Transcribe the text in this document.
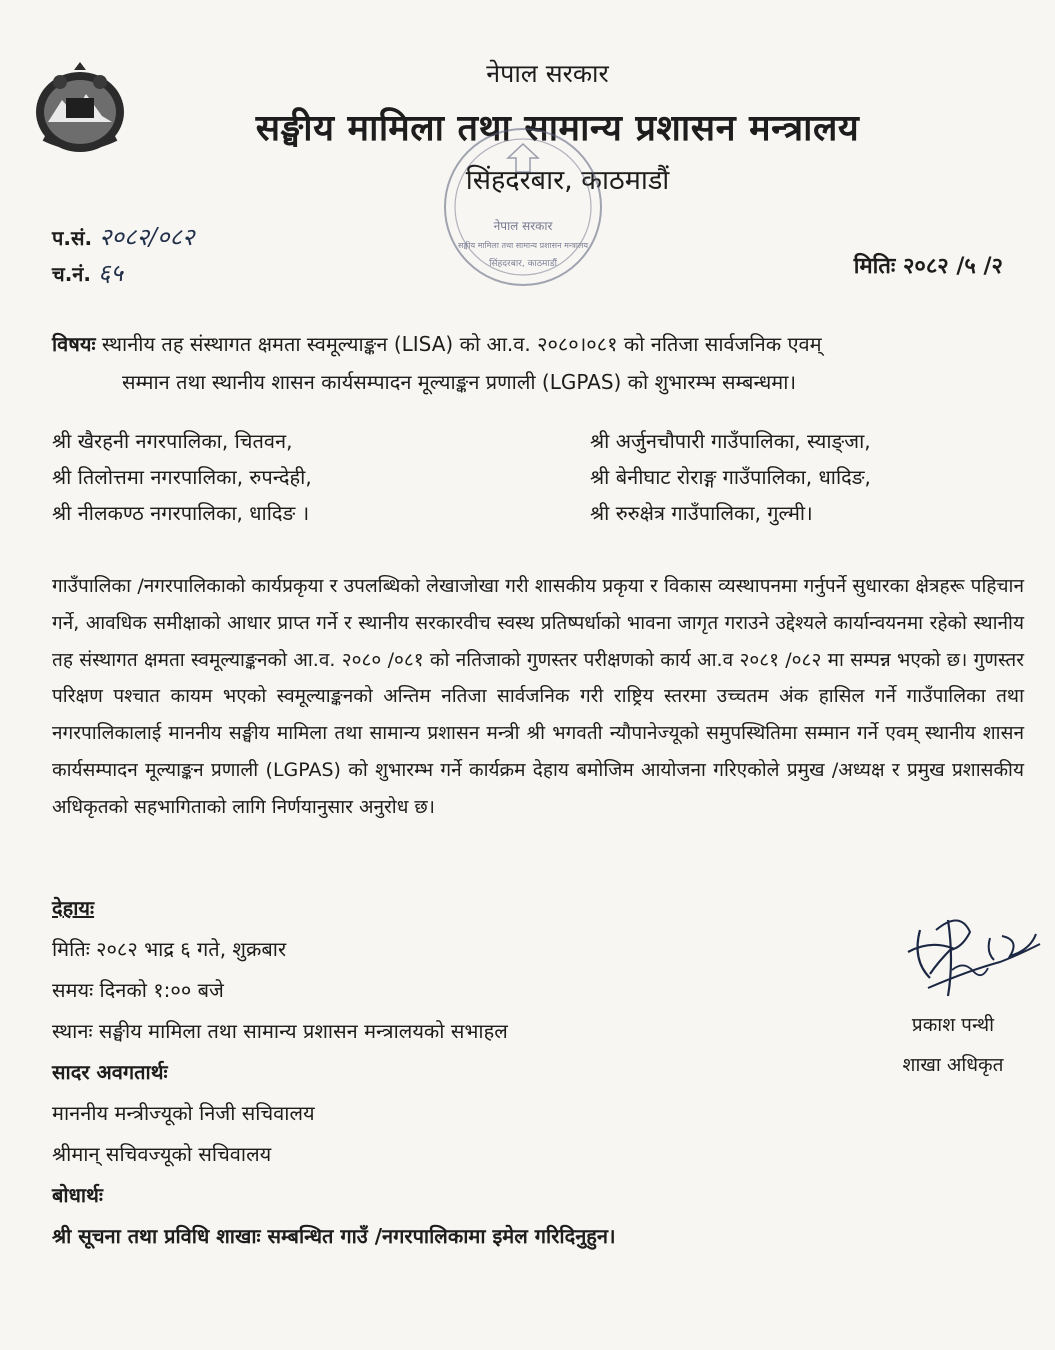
नेपाल सरकार
सङ्घीय मामिला तथा सामान्य प्रशासन मन्त्रालय
सिंहदरबार, काठमाडौं
नेपाल सरकार
सङ्घीय मामिला तथा सामान्य प्रशासन मन्त्रालय
सिंहदरबार, काठमाडौं
प.सं. २०८२/०८२
च.नं. ६५	मितिः २०८२ /५ /२
विषयः स्थानीय तह संस्थागत क्षमता स्वमूल्याङ्कन (LISA) को आ.व. २०८०।०८१ को नतिजा सार्वजनिक एवम्
सम्मान तथा स्थानीय शासन कार्यसम्पादन मूल्याङ्कन प्रणाली (LGPAS) को शुभारम्भ सम्बन्धमा।
श्री खैरहनी नगरपालिका, चितवन,	श्री अर्जुनचौपारी गाउँपालिका, स्याङ्जा,
श्री तिलोत्तमा नगरपालिका, रुपन्देही,	श्री बेनीघाट रोराङ्ग गाउँपालिका, धादिङ,
श्री नीलकण्ठ नगरपालिका, धादिङ ।	श्री रुरुक्षेत्र गाउँपालिका, गुल्मी।
गाउँपालिका /नगरपालिकाको कार्यप्रकृया र उपलब्धिको लेखाजोखा गरी शासकीय प्रकृया र विकास व्यस्थापनमा गर्नुपर्ने सुधारका क्षेत्रहरू पहिचान गर्ने, आवधिक समीक्षाको आधार प्राप्त गर्ने र स्थानीय सरकारवीच स्वस्थ प्रतिष्पर्धाको भावना जागृत गराउने उद्देश्यले कार्यान्वयनमा रहेको स्थानीय तह संस्थागत क्षमता स्वमूल्याङ्कनको आ.व. २०८० /०८१ को नतिजाको गुणस्तर परीक्षणको कार्य आ.व २०८१ /०८२ मा सम्पन्न भएको छ। गुणस्तर परिक्षण पश्चात कायम भएको स्वमूल्याङ्कनको अन्तिम नतिजा सार्वजनिक गरी राष्ट्रिय स्तरमा उच्चतम अंक हासिल गर्ने गाउँपालिका तथा नगरपालिकालाई माननीय सङ्घीय मामिला तथा सामान्य प्रशासन मन्त्री श्री भगवती न्यौपानेज्यूको समुपस्थितिमा सम्मान गर्ने एवम् स्थानीय शासन कार्यसम्पादन मूल्याङ्कन प्रणाली (LGPAS) को शुभारम्भ गर्ने कार्यक्रम देहाय बमोजिम आयोजना गरिएकोले प्रमुख /अध्यक्ष र प्रमुख प्रशासकीय अधिकृतको सहभागिताको लागि निर्णयानुसार अनुरोध छ।
देहायः
मितिः २०८२ भाद्र ६ गते, शुक्रबार
समयः दिनको १:०० बजे
स्थानः सङ्घीय मामिला तथा सामान्य प्रशासन मन्त्रालयको सभाहल
सादर अवगतार्थः
माननीय मन्त्रीज्यूको निजी सचिवालय
श्रीमान् सचिवज्यूको सचिवालय
बोधार्थः
श्री सूचना तथा प्रविधि शाखाः सम्बन्धित गाउँ /नगरपालिकामा इमेल गरिदिनुहुन।
प्रकाश पन्थी
शाखा अधिकृत
